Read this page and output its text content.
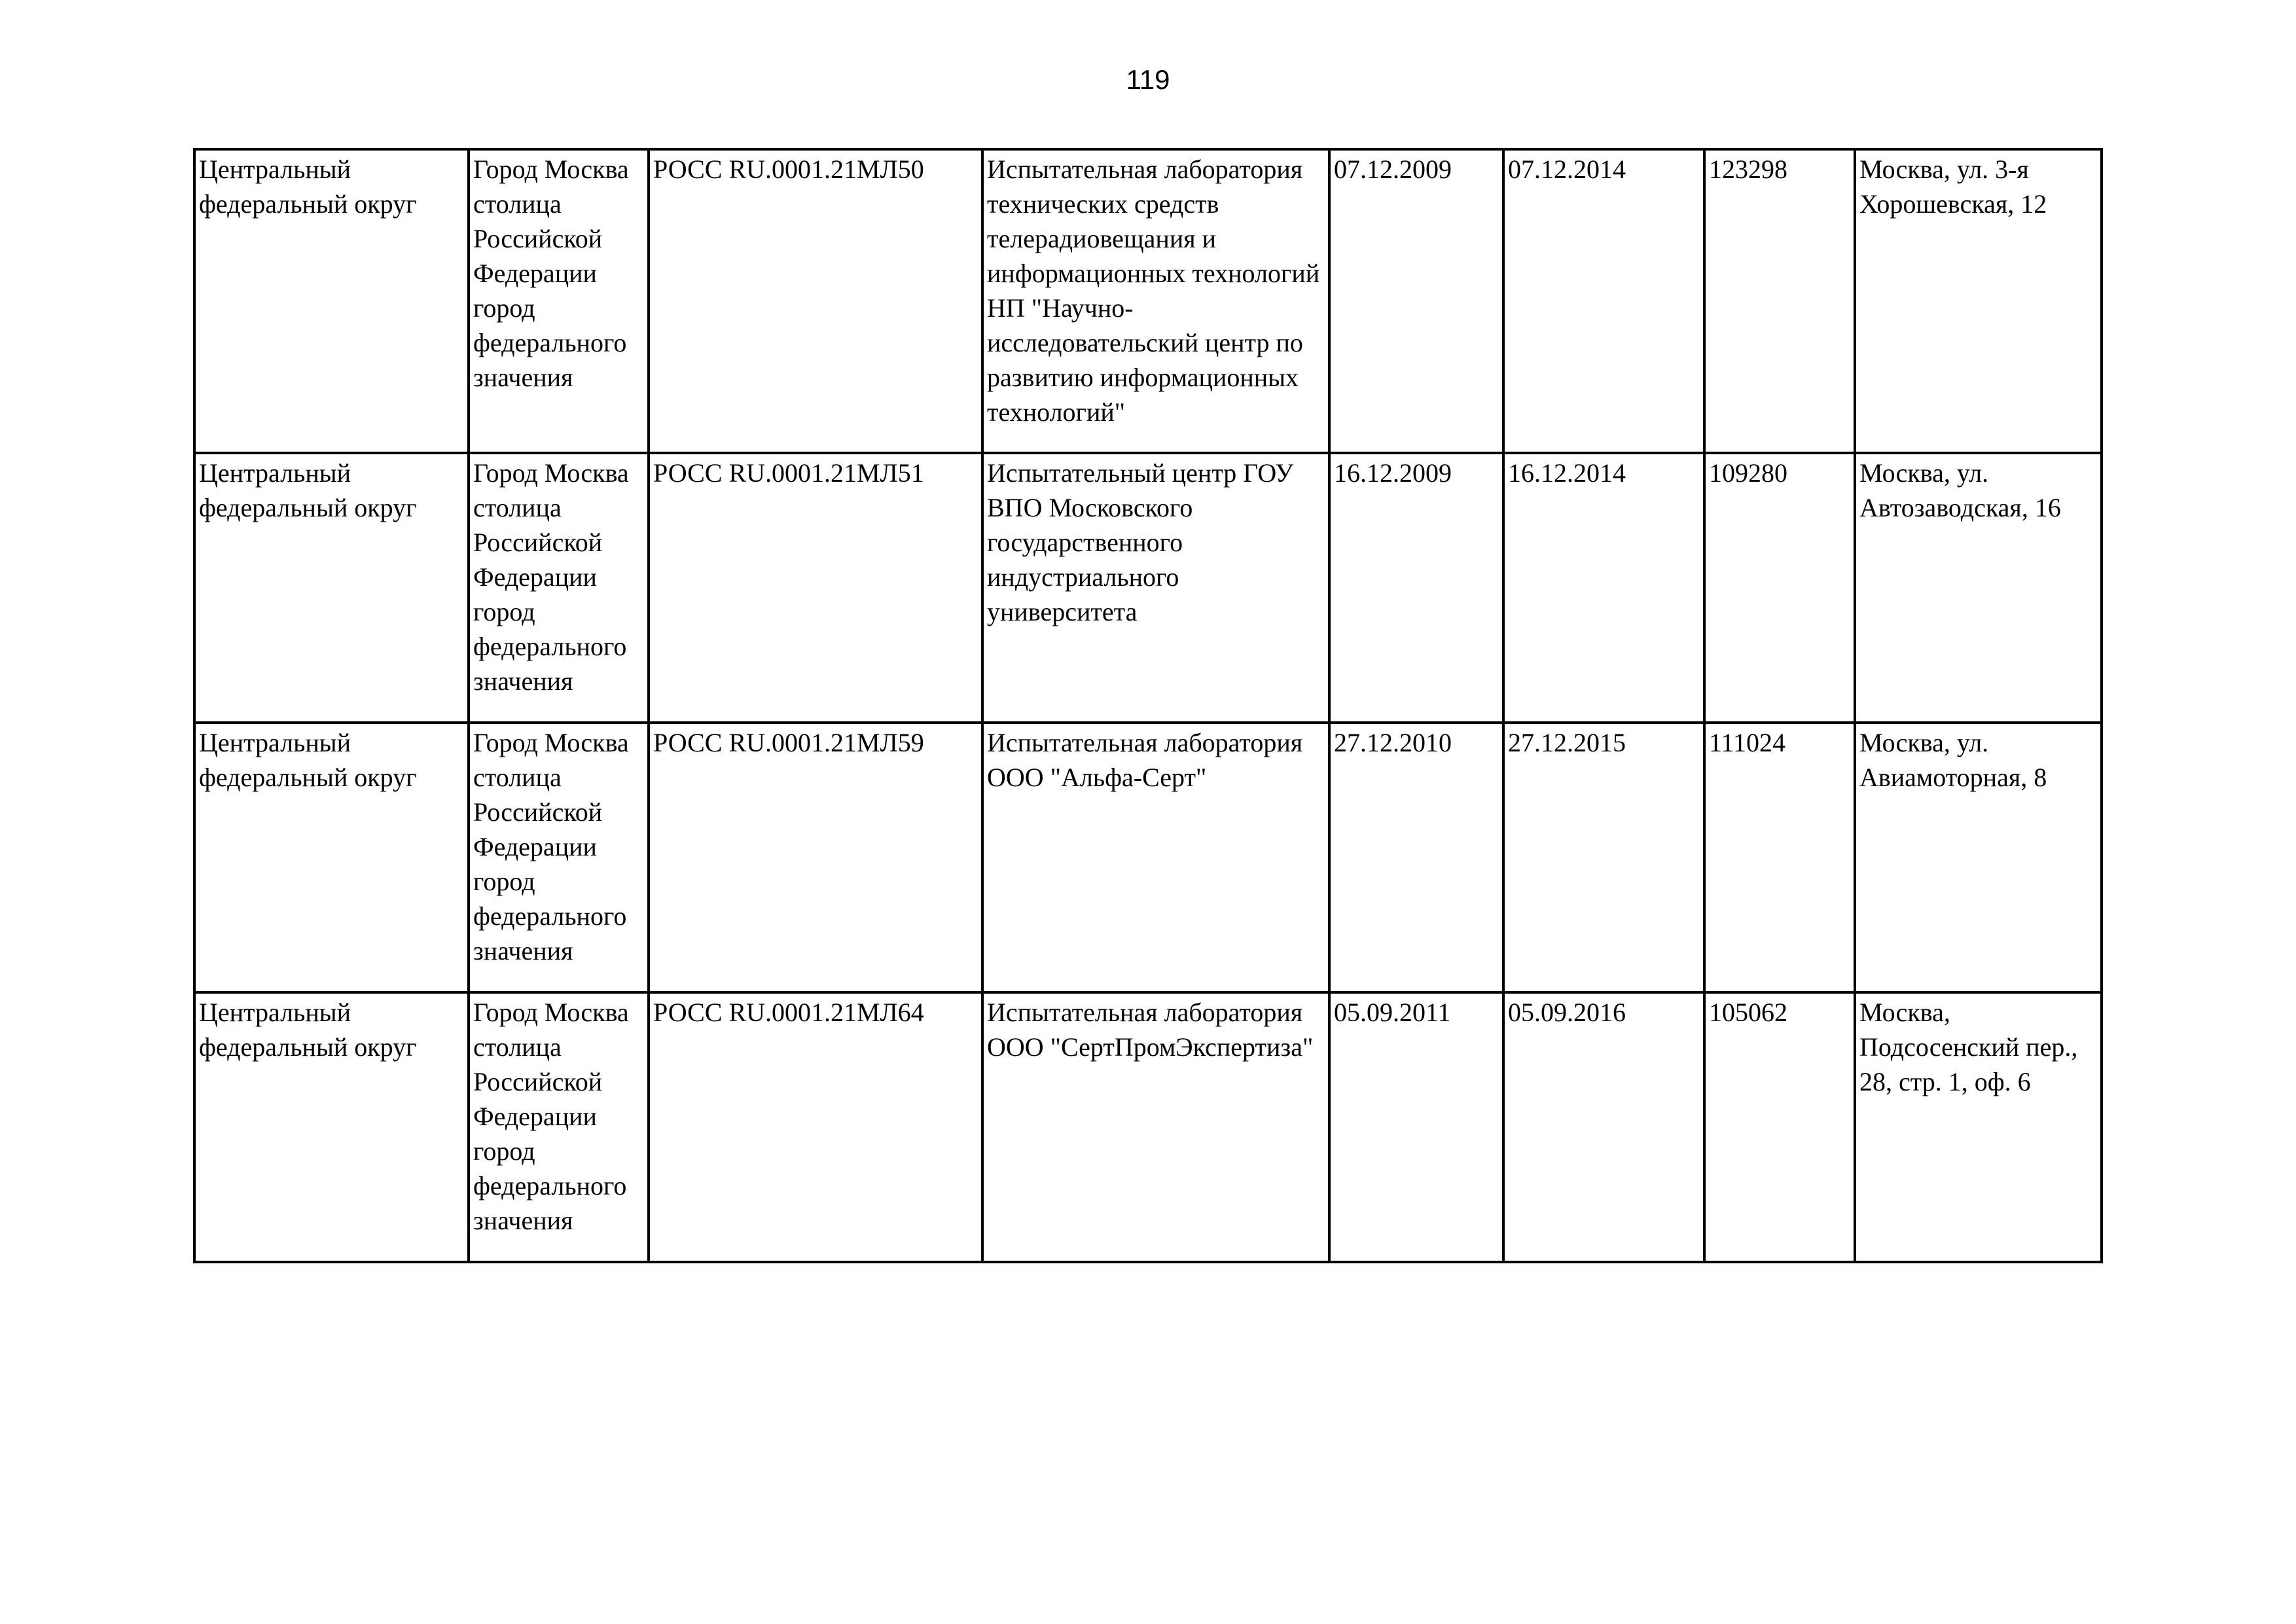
119
Центральный федеральный округ	Город Москва столица Российской Федерации город федерального значения	РОСС RU.0001.21МЛ50	Испытательная лаборатория технических средств телерадиовещания и информационных технологий НП "Научно-исследовательский центр по развитию информационных технологий"	07.12.2009	07.12.2014	123298	Москва, ул. 3-я Хорошевская, 12

Центральный федеральный округ	Город Москва столица Российской Федерации город федерального значения	РОСС RU.0001.21МЛ51	Испытательный центр ГОУ ВПО Московского государственного индустриального университета	16.12.2009	16.12.2014	109280	Москва, ул. Автозаводская, 16

Центральный федеральный округ	Город Москва столица Российской Федерации город федерального значения	РОСС RU.0001.21МЛ59	Испытательная лаборатория ООО "Альфа-Серт"	27.12.2010	27.12.2015	111024	Москва, ул. Авиамоторная, 8

Центральный федеральный округ	Город Москва столица Российской Федерации город федерального значения	РОСС RU.0001.21МЛ64	Испытательная лаборатория ООО "СертПромЭкспертиза"	05.09.2011	05.09.2016	105062	Москва, Подсосенский пер., 28, стр. 1, оф. 6
